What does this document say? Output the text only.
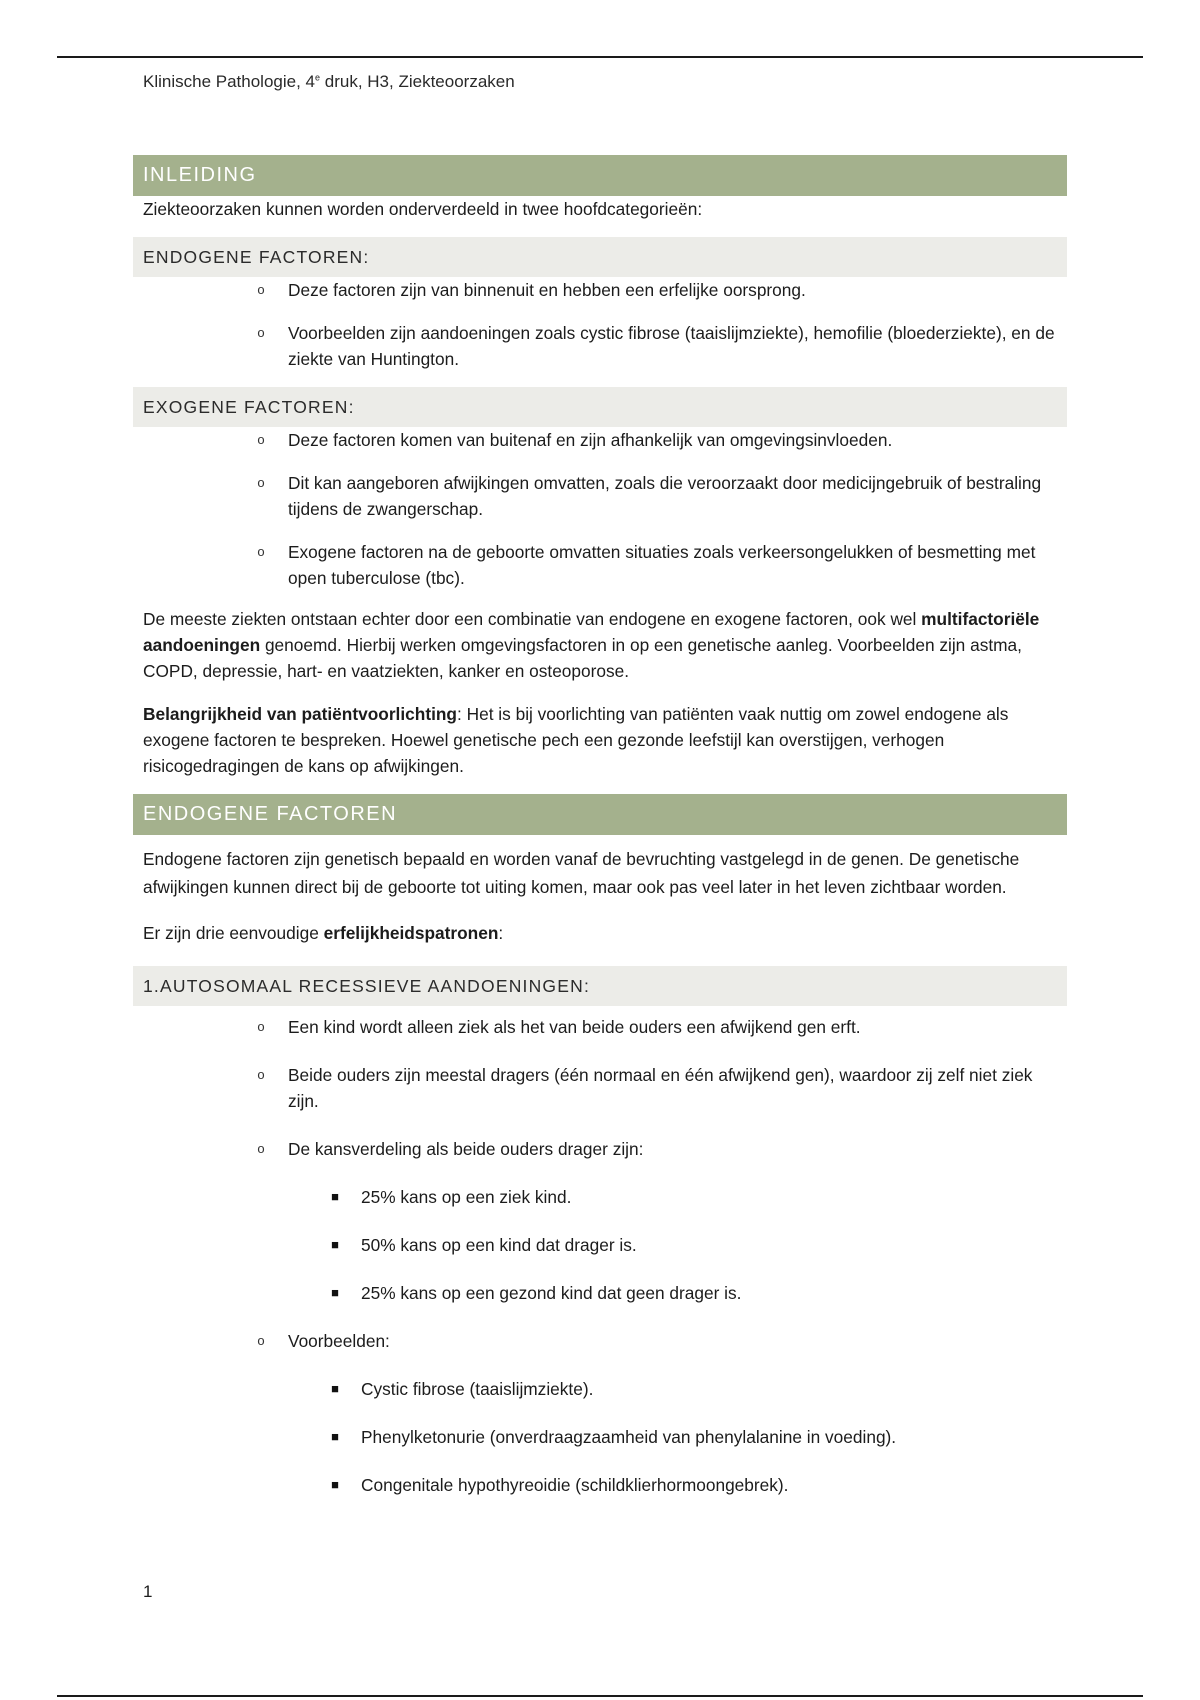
Klinische Pathologie, 4e druk, H3, Ziekteoorzaken
INLEIDING
Ziekteoorzaken kunnen worden onderverdeeld in twee hoofdcategorieën:
ENDOGENE FACTOREN:
o	Deze factoren zijn van binnenuit en hebben een erfelijke oorsprong.
o	Voorbeelden zijn aandoeningen zoals cystic fibrose (taaislijmziekte), hemofilie (bloederziekte), en de ziekte van Huntington.
EXOGENE FACTOREN:
o	Deze factoren komen van buitenaf en zijn afhankelijk van omgevingsinvloeden.
o	Dit kan aangeboren afwijkingen omvatten, zoals die veroorzaakt door medicijngebruik of bestraling tijdens de zwangerschap.
o	Exogene factoren na de geboorte omvatten situaties zoals verkeersongelukken of besmetting met open tuberculose (tbc).
De meeste ziekten ontstaan echter door een combinatie van endogene en exogene factoren, ook wel multifactoriële aandoeningen genoemd. Hierbij werken omgevingsfactoren in op een genetische aanleg. Voorbeelden zijn astma, COPD, depressie, hart- en vaatziekten, kanker en osteoporose.
Belangrijkheid van patiëntvoorlichting: Het is bij voorlichting van patiënten vaak nuttig om zowel endogene als exogene factoren te bespreken. Hoewel genetische pech een gezonde leefstijl kan overstijgen, verhogen risicogedragingen de kans op afwijkingen.
ENDOGENE FACTOREN
Endogene factoren zijn genetisch bepaald en worden vanaf de bevruchting vastgelegd in de genen. De genetische afwijkingen kunnen direct bij de geboorte tot uiting komen, maar ook pas veel later in het leven zichtbaar worden.
Er zijn drie eenvoudige erfelijkheidspatronen:
1.AUTOSOMAAL RECESSIEVE AANDOENINGEN:
o	Een kind wordt alleen ziek als het van beide ouders een afwijkend gen erft.
o	Beide ouders zijn meestal dragers (één normaal en één afwijkend gen), waardoor zij zelf niet ziek zijn.
o	De kansverdeling als beide ouders drager zijn:
■	25% kans op een ziek kind.
■	50% kans op een kind dat drager is.
■	25% kans op een gezond kind dat geen drager is.
o	Voorbeelden:
■	Cystic fibrose (taaislijmziekte).
■	Phenylketonurie (onverdraagzaamheid van phenylalanine in voeding).
■	Congenitale hypothyreoidie (schildklierhormoongebrek).
1
